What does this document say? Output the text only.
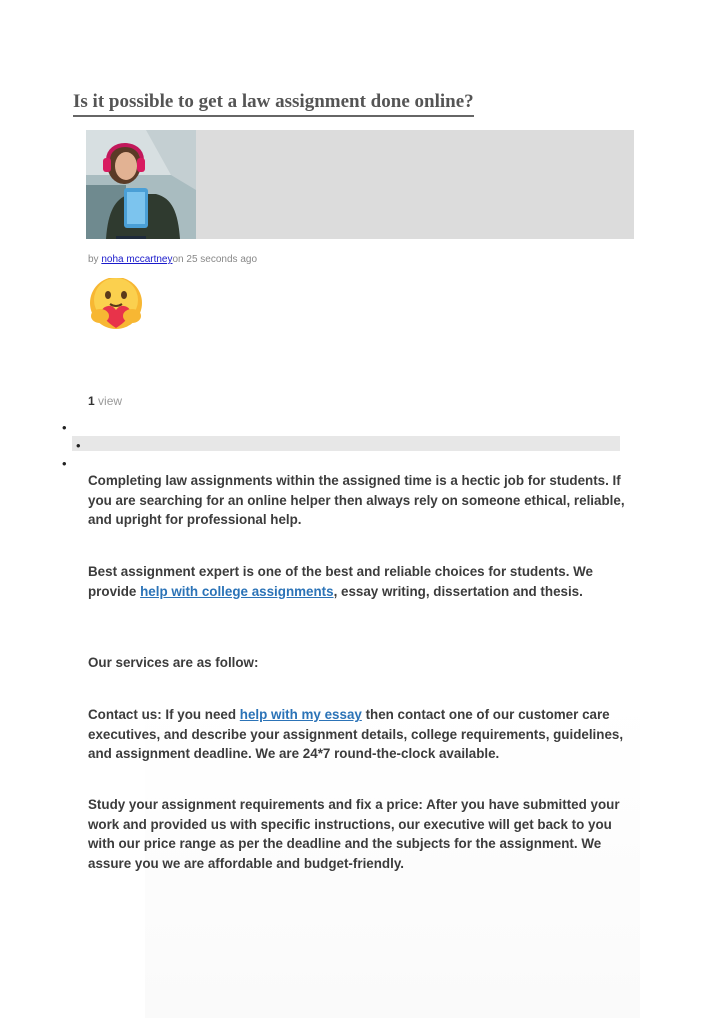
Is it possible to get a law assignment done online?
by noha mccartneyon 25 seconds ago
1 view
•
•
•

Completing law assignments within the assigned time is a hectic job for students. If you are searching for an online helper then always rely on someone ethical, reliable, and upright for professional help.

Best assignment expert is one of the best and reliable choices for students. We provide help with college assignments, essay writing, dissertation and thesis.

Our services are as follow:

Contact us: If you need help with my essay then contact one of our customer care executives, and describe your assignment details, college requirements, guidelines, and assignment deadline. We are 24*7 round-the-clock available.

Study your assignment requirements and fix a price: After you have submitted your work and provided us with specific instructions, our executive will get back to you with our price range as per the deadline and the subjects for the assignment. We assure you we are affordable and budget-friendly.
